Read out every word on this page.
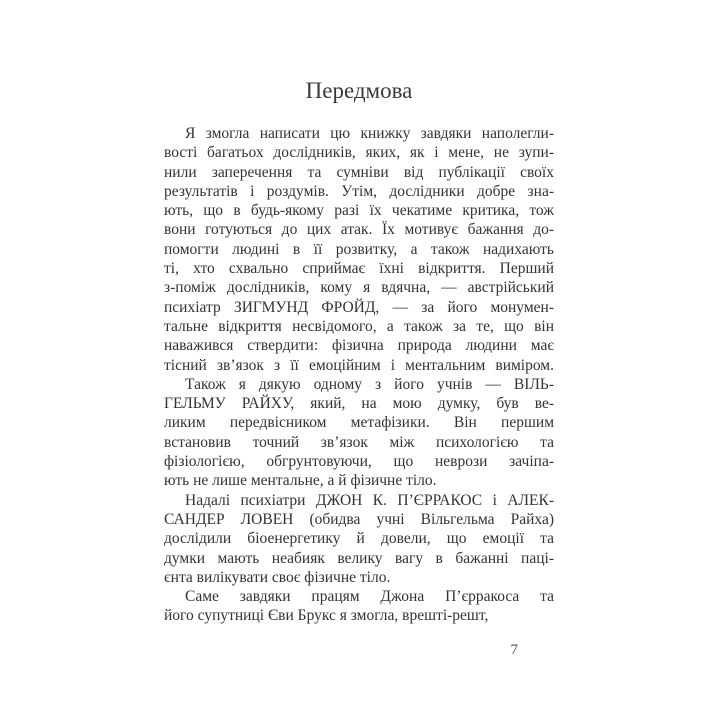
Передмова

Я змогла написати цю книжку завдяки наполегли-
вості багатьох дослідників, яких, як і мене, не зупи-
нили заперечення та сумніви від публікації своїх
результатів і роздумів. Утім, дослідники добре зна-
ють, що в будь-якому разі їх чекатиме критика, тож
вони готуються до цих атак. Їх мотивує бажання до-
помогти людині в її розвитку, а також надихають
ті, хто схвально сприймає їхні відкриття. Перший
з-поміж дослідників, кому я вдячна, — австрійський
психіатр ЗИГМУНД ФРОЙД, — за його монумен-
тальне відкриття несвідомого, а також за те, що він
наважився ствердити: фізична природа людини має
тісний зв’язок з її емоційним і ментальним виміром.

Також я дякую одному з його учнів — ВІЛЬ-
ГЕЛЬМУ РАЙХУ, який, на мою думку, був ве-
ликим передвісником метафізики. Він першим
встановив точний зв’язок між психологією та
фізіологією, обгрунтовуючи, що неврози зачіпа-
ють не лише ментальне, а й фізичне тіло.

Надалі психіатри ДЖОН К. П’ЄРРАКОС і АЛЕК-
САНДЕР ЛОВЕН (обидва учні Вільгельма Райха)
дослідили біоенергетику й довели, що емоції та
думки мають неабияк велику вагу в бажанні паці-
єнта вилікувати своє фізичне тіло.

Саме завдяки працям Джона П’єрракоса та
його супутниці Єви Брукс я змогла, врешті-решт,

7
